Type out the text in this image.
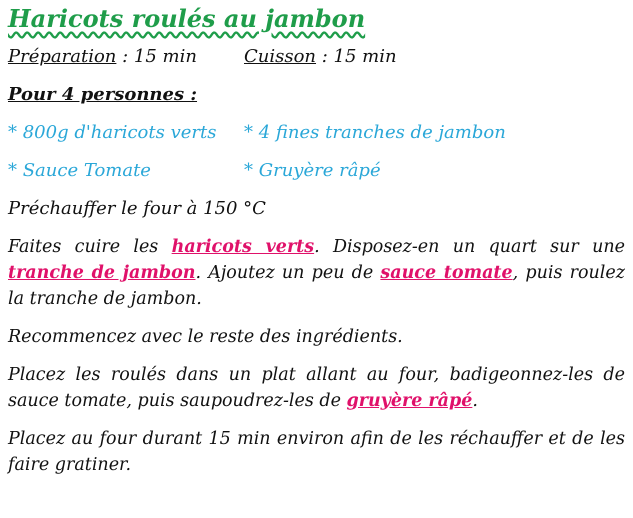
Haricots roulés au jambon
Préparation : 15 min	Cuisson : 15 min
Pour 4 personnes :
* 800g d'haricots verts	* 4 fines tranches de jambon
* Sauce Tomate	* Gruyère râpé

Préchauffer le four à 150 °C

Faites cuire les haricots verts. Disposez-en un quart sur une tranche de jambon. Ajoutez un peu de sauce tomate, puis roulez la tranche de jambon.

Recommencez avec le reste des ingrédients.

Placez les roulés dans un plat allant au four, badigeonnez-les de sauce tomate, puis saupoudrez-les de gruyère râpé.

Placez au four durant 15 min environ afin de les réchauffer et de les faire gratiner.
